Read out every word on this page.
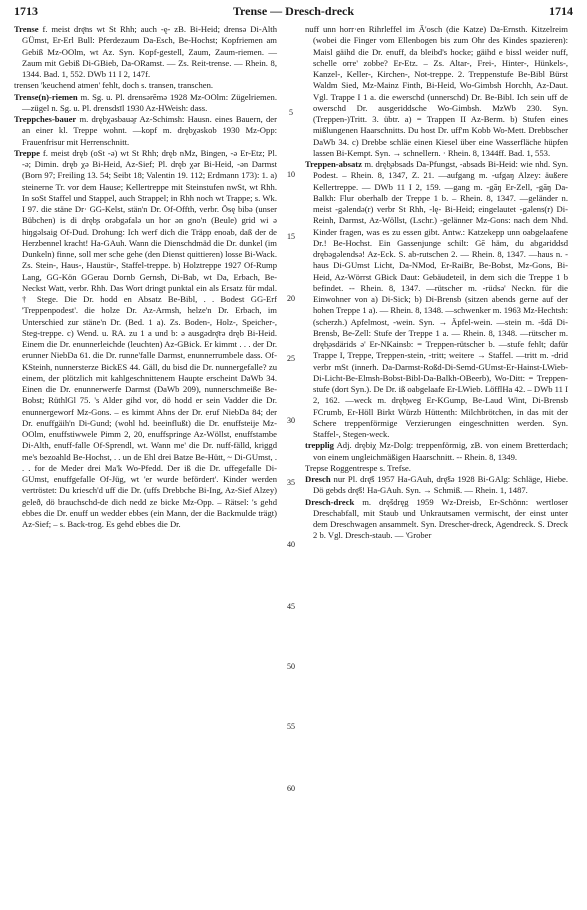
1713	Trense — Dresch-dreck	1714

Trense f. meist drę̄ns wt St Rhh; auch -ę- zB. Bi-Heid; drensə Di-Alth GÜmst, Er-Erl Bull: Pferdezaum Da-Esch, Be-Hochst; Kopfriemen am Gebiß Mz-OOlm, wt Az. Syn. Kopf-gestell, Zaum, Zaum-riemen. — Zaum mit Gebiß Di-GBieb, Da-ORamst. — Zs. Reit-trense. — Rhein. 8, 1344. Bad. 1, 552. DWb 11 I 2, 147f.

trensen 'keuchend atmen' fehlt, doch s. transen, transchen.

Trense(n)-riemen m. Sg. u. Pl. drensərēmə 1928 Mz-OOlm: Zügelriemen. —zügel n. Sg. u. Pl. drensdsīl 1930 Az-HWeish: dass.

Treppches-bauer m. drębχəsbauə̯r Az-Schimsh: Hausn. eines Bauern, der an einer kl. Treppe wohnt. —kopf m. drębχəskob 1930 Mz-Opp: Frauenfrisur mit Herrenschnitt.

Treppe f. meist dręb (oSt -ə) wt St Rhh; dręb nMz, Bingen, -ə Er-Etz; Pl. -ə; Dimin. dręb χə Bi-Heid, Az-Sief; Pl. dręb χər Bi-Heid, -ən Darmst (Born 97; Freiling 13. 54; Seibt 18; Valentin 19. 112; Erdmann 173): 1. a) steinerne Tr. vor dem Hause; Kellertreppe mit Steinstufen nwSt, wt Rhh. In soSt Staffel und Stappel, auch Strappel; in Rhh noch wt Trappe; s. Wk. I 97. die stäne Dr· GG-Kelst, stän'n Dr. Of-Offth, verbr. Ösę bibə (unser Bübchen) is di dręb̥s orəbgəfalə un hor ən gno'n (Beule) grid wi ə hiŋgəlsaig Of-Dud. Drohung: Ich werf dich die Träpp enoab, daß der de Herzbennel kracht! Ha-GAuh. Wann die Dienschdmäd die Dr. dunkel (im Dunkeln) finne, soll mer sche gehe (den Dienst quittieren) losse Bi-Wack. Zs. Stein-, Haus-, Haustür-, Staffel-treppe. b) Holztreppe 1927 Of-Rump Lang, GG-Kön GGerau Dornb Gernsh, Di-Bab, wt Da, Erbach, Be-Neckst Watt, verbr. Rhh. Das Wort dringt punktal ein als Ersatz für mdal. † Stege. Die Dr. hodd en Absatz Be-Bibl, . . Bodest GG-Erf 'Treppenpodest'. die holze Dr. Az-Armsh, helze'n Dr. Erbach, im Unterschied zur stäne'n Dr. (Bed. 1 a). Zs. Boden-, Holz-, Speicher-, Steg-treppe. c) Wend. u. RA. zu 1 a und b: ə ausgədrę̄rə dręb Bi-Heid. Einem die Dr. enunnerleichde (leuchten) Az-GBick. Er kimmt . . . der Dr. erunner NiebDa 61. die Dr. runne'falle Darmst, enunnerrumbele dass. Of-KSteinh, nunnersterze BickES 44. Gäll, du bisd die Dr. nunnergefalle? zu einem, der plötzlich mit kahlgeschnittenem Haupte erscheint DaWb 34. Einen die Dr. enunnerwerfe Darmst (DaWb 209), nunnerschmeiße Be-Bobst; RüthlGl 75. 's Alder gihd vor, dö hodd er sein Vadder die Dr. enunnergeworf Mz-Gons. – es kimmt Ahns der Dr. eruf NiebDa 84; der Dr. enuffgäih'n Di-Gund; (wohl hd. beeinflußt) die Dr. enuffsteije Mz-OOlm, enuffstiwwele Pimm 2, 20, enuffspringe Az-Wöllst, enuffstambe Di-Alth, enuff-falle Of-Sprendl, wt. Wann me' die Dr. nuff-fälld, kriggd me's bezoahld Be-Hochst, . . un de Ehl drei Batze Be-Hütt, ~ Di-GUmst, . . . for de Meder drei Ma'k Wo-Pfedd. Der iß die Dr. uffegefalle Di-GUmst, enuffgefalle Of-Jüg, wt 'er wurde befördert'. Kinder werden vertröstet: Du kriesch'd uff die Dr. (uffs Drebbche Bi-Ing, Az-Sief Alzey) geleð, dö brauchschd-de dich nedd ze bicke Mz-Opp. – Rätsel: 's gehd ebbes die Dr. enuff un wedder ebbes (ein Mann, der die Backmulde trägt) Az-Sief; – s. Back-trog. Es gehd ebbes die Dr.

5
10
15
20
25
30
35
40
45
50
55
60

nuff unn horr·en Rihrleffel im Ā'osch (die Katze) Da-Ernsth. Kitzelreim (wobei die Finger vom Ellenbogen bis zum Ohr des Kindes spazieren): Maisl gäihd die Dr. enuff, da bleibd's hocke; gäihd e bissl weider nuff, schelle orre' zobbe? Er-Etz. – Zs. Altar-, Frei-, Hinter-, Hünkels-, Kanzel-, Keller-, Kirchen-, Not-treppe. 2. Treppenstufe Be-Bibl Bürst Waldm Sied, Mz-Mainz Finth, Bi-Heid, Wo-Gimbsh Horchh, Az-Daut. Vgl. Trappe I 1 a. die ewerschd (unnerschd) Dr. Be-Bibl. Ich sein uff de owerschd Dr. ausgeriddsche Wo-Gimbsh. MzWb 230. Syn. (Treppen-)Tritt. 3. übtr. a) = Trappen II Az-Berm. b) Stufen eines mißlungenen Haarschnitts. Du host Dr. uff'm Kobb Wo-Mett. Drebbscher DaWb 34. c) Drebbe schläe einen Kiesel über eine Wasserfläche hüpfen lassen Bi-Kempt. Syn. → schnellern. · Rhein. 8, 1344ff. Bad. 1, 553.

Treppen-absatz m. dręb̥əbsads Da-Pfungst, -absads Bi-Heid: wie nhd. Syn. Podest. – Rhein. 8, 1347, Z. 21. —aufgang m. -ufgaŋ Alzey: äußere Kellertreppe. — DWb 11 I 2, 159. —gang m. -gāŋ Er-Zell, -gāŋ Da-Balkh: Flur oberhalb der Treppe 1 b. – Rhein. 8, 1347. —geländer n. meist -gəlendə(r) verbr St Rhh, -lę- Bi-Heid; eingelautet -gəlens(r) Di-Reinh, Darmst, Az-Wöllst, (Lschr.) -gelänner Mz-Gons: nach dem Nhd. Kinder fragen, was es zu essen gibt. Antw.: Katzekepp unn oabgelaafene Dr.! Be-Hochst. Ein Gassenjunge schilt: Gē häm, du abgəriddsd drębəgəlendsə! Az-Eck. S. ab-rutschen 2. — Rhein. 8, 1347. —haus n. -haus Di-GUmst Licht, Da-NMod, Er-RaiBr, Be-Bobst, Mz-Gons, Bi-Heid, Az-Wörrst GBick Daut: Gebäudeteil, in dem sich die Treppe 1 b befindet. -- Rhein. 8, 1347. —rütscher m. -rüdsə' Neckn. für die Einwohner von a) Di-Sick; b) Di-Brensb (sitzen abends gerne auf der hohen Treppe 1 a). — Rhein. 8, 1348. —schwenker m. 1963 Mz-Hechtsh: (scherzh.) Apfelmost, -wein. Syn. → Äpfel-wein. —stein m. -šdā Di-Brensb, Be-Zell: Stufe der Treppe 1 a. — Rhein. 8, 1348. —rütscher m. dręb̥əsdärids ə' Er-NKainsb: = Treppen-rütscher b. —stufe fehlt; dafür Trappe I, Treppe, Treppen-stein, -tritt; weitere → Staffel. —tritt m. -drid verbr mSt (innerh. Da-Darmst-Roßd-Di-Semd-GUmst-Er-Hainst-LWieb-Di-Licht-Be-Elmsh-Bobst-Bibl-Da-Balkh-OBeerb), Wo-Ditt: = Treppen-stufe (dort Syn.). De Dr. iß oabgelaafe Er-LWieb. LöfflHa 42. – DWb 11 I 2, 162. —weck m. dręb̥weg Er-KGump, Be-Laud Wint, Di-Brensb FCrumb, Er-Höll Birkt Würzb Hüttenth: Milchbrötchen, in das mit der Schere treppenförmige Verzierungen eingeschnitten werden. Syn. Staffel-, Stegen-weck.

trepplig Adj. drębiχ Mz-Dolg: treppenförmig, zB. von einem Bretterdach; von einem ungleichmäßigen Haarschnitt. -- Rhein. 8, 1349.

Trepse Roggentrespe s. Trefse.

Dresch nur Pl. drę̄š 1957 Ha-GAuh, drę̄šə 1928 Bi-GAlg: Schläge, Hiebe. Dö gebds drę̄š! Ha-GAuh. Syn. → Schmiß. — Rhein. 1, 1487.

Dresch-dreck m. dręšdręg 1959 Wz-Dreisb, Er-Schönn: wertloser Dreschabfall, mit Staub und Unkrautsamen vermischt, der einst unter dem Dreschwagen ansammelt. Syn. Drescher-dreck, Agendreck. S. Dreck 2 b. Vgl. Dresch-staub. — 'Grober
